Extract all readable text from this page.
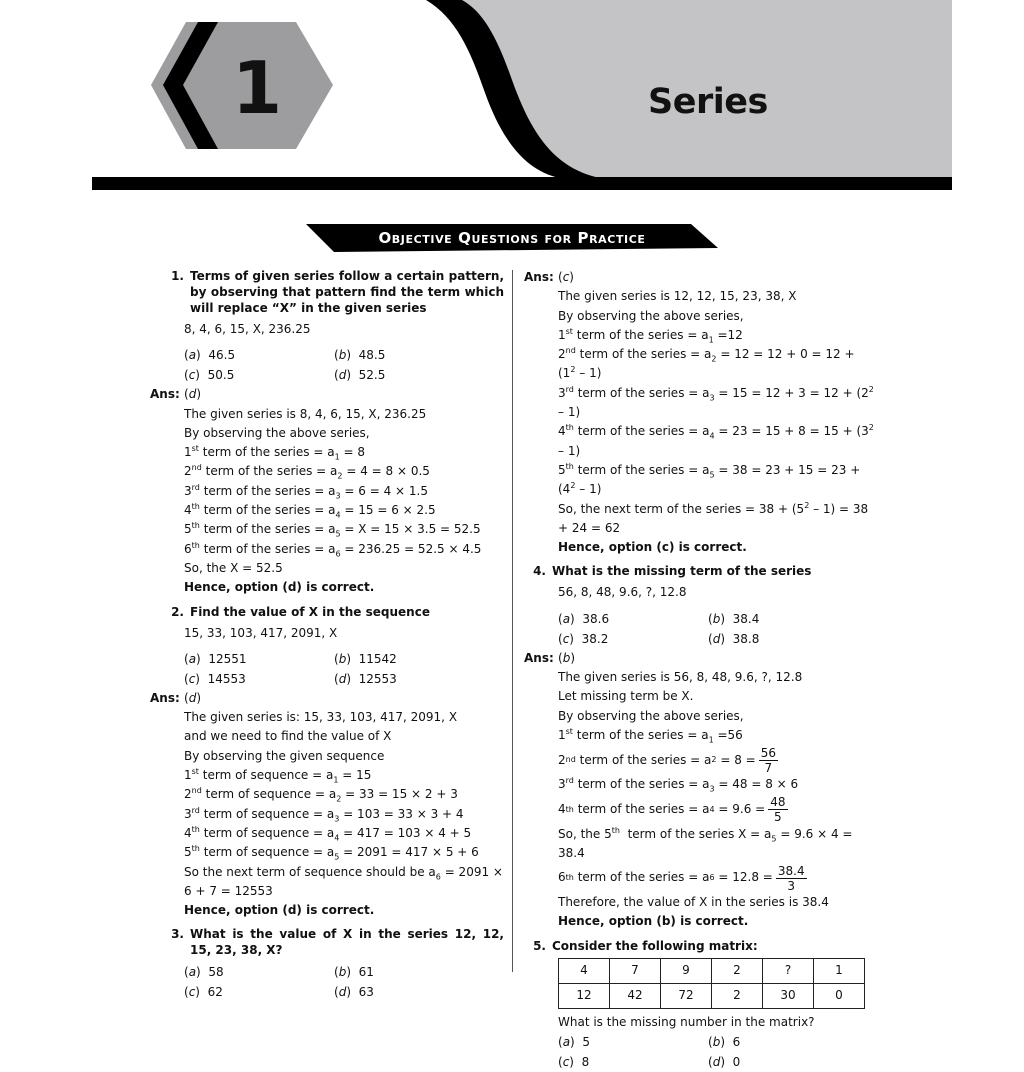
1	Series
Objective Questions for Practice
1. Terms of given series follow a certain pattern, by observing that pattern find the term which will replace “X” in the given series
8, 4, 6, 15, X, 236.25
(a)  46.5	(b)  48.5
(c)  50.5	(d)  52.5
Ans: (d)
The given series is 8, 4, 6, 15, X, 236.25
By observing the above series,
1st term of the series = $a_1 = 8$
2nd term of the series = $a_2 = 4 = 8 \times 0.5$
3rd term of the series = $a_3 = 6 = 4 \times 1.5$
4th term of the series = $a_4 = 15 = 6 \times 2.5$
5th term of the series = $a_5 = X = 15 \times 3.5 = 52.5$
6th term of the series = $a_6 = 236.25 = 52.5 \times 4.5$
So, the X = 52.5
Hence, option (d) is correct.
2. Find the value of X in the sequence
15, 33, 103, 417, 2091, X
(a)  12551	(b)  11542
(c)  14553	(d)  12553
Ans: (d)
The given series is: 15, 33, 103, 417, 2091, X
and we need to find the value of X
By observing the given sequence
1st term of sequence = $a_1 = 15$
2nd term of sequence = $a_2 = 33 = 15 \times 2 + 3$
3rd term of sequence = $a_3 = 103 = 33 \times 3 + 4$
4th term of sequence = $a_4 = 417 = 103 \times 4 + 5$
5th term of sequence = $a_5 = 2091 = 417 \times 5 + 6$
So the next term of sequence should be $a_6 = 2091 \times 6 + 7 = 12553$
Hence, option (d) is correct.
3. What is the value of X in the series 12, 12, 15, 23, 38, X?
(a)  58	(b)  61
(c)  62	(d)  63
Ans: (c)
The given series is 12, 12, 15, 23, 38, X
By observing the above series,
1st term of the series = $a_1 =12$
2nd term of the series = $a_2 = 12 = 12 + 0 = 12 + (1^2 - 1)$
3rd term of the series = $a_3 = 15 = 12 + 3 = 12 + (2^2 - 1)$
4th term of the series = $a_4 = 23 = 15 + 8 = 15 + (3^2 - 1)$
5th term of the series = $a_5 = 38 = 23 + 15 = 23 + (4^2 - 1)$
So, the next term of the series = $38 + (5^2 - 1) = 38 + 24 = 62$
Hence, option (c) is correct.
4. What is the missing term of the series
56, 8, 48, 9.6, ?, 12.8
(a)  38.6	(b)  38.4
(c)  38.2	(d)  38.8
Ans: (b)
The given series is 56, 8, 48, 9.6, ?, 12.8
Let missing term be X.
By observing the above series,
1st term of the series = $a_1 =56$
2 nd
term of the series = a 2
= $8 = \frac{56}{7}$
3rd term of the series = $a_3 = 48 = 8 \times 6$
4 th
term of the series = a 4
= $9.6 = \frac{48}{5}$
So, the 5th term of the series $X = a_5 = 9.6 \times 4 = 38.4$
6 th
term of the series = a 6
= $12.8 = \frac{38.4}{3}$
Therefore, the value of X in the series is 38.4
Hence, option (b) is correct.
5. Consider the following matrix:
4	7	9	2	?	1
12	42	72	2	30	0
What is the missing number in the matrix?
(a)  5	(b)  6
(c)  8	(d)  0
